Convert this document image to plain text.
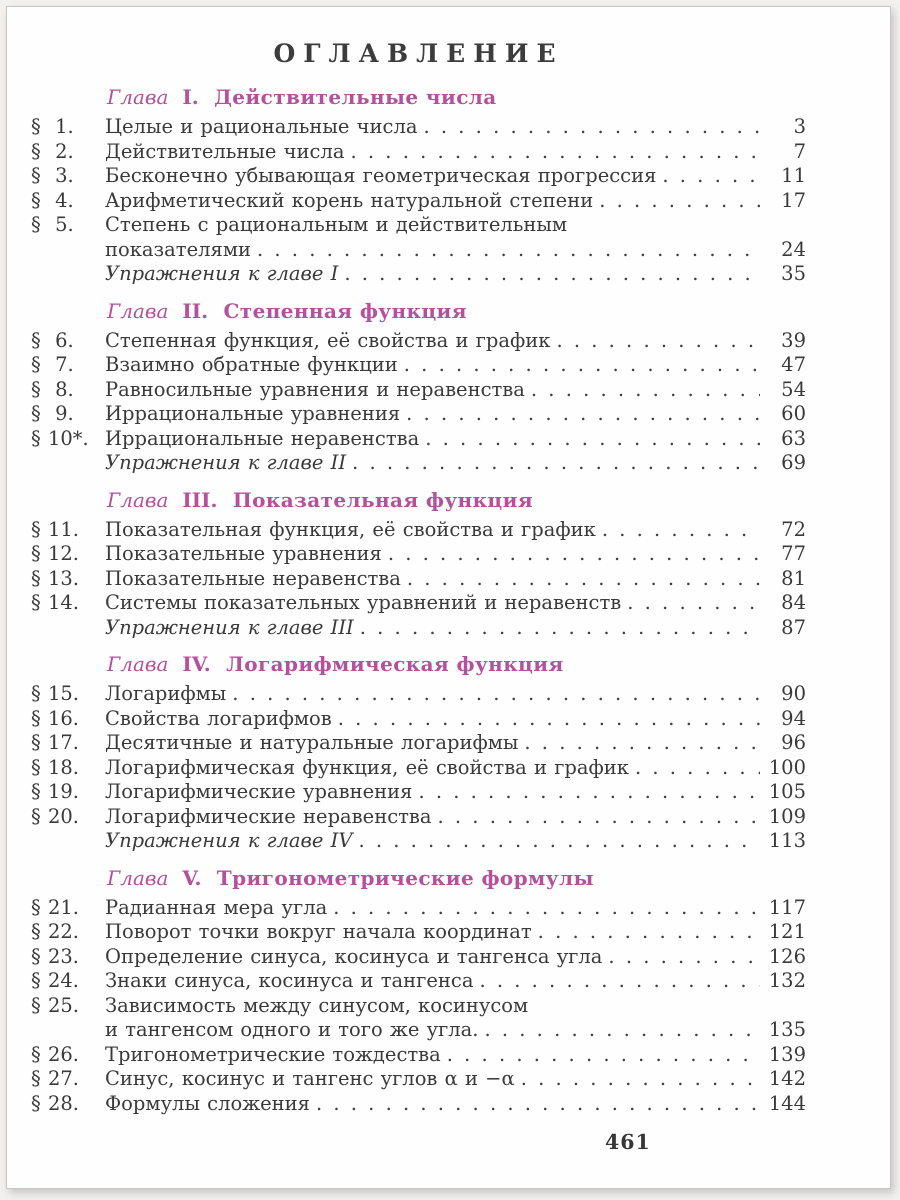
ОГЛАВЛЕНИЕ
Глава I. Действительные числа
§  1.	Целые и рациональные числа . . .	3
§  2.	Действительные числа . . .	7
§  3.	Бесконечно убывающая геометрическая прогрессия . . .	11
§  4.	Арифметический корень натуральной степени . . .	17
§  5.	Степень с рациональным и действительным
показателями . . .	24
Упражнения к главе I . . .	35
Глава II. Степенная функция
§  6.	Степенная функция, её свойства и график . . .	39
§  7.	Взаимно обратные функции . . .	47
§  8.	Равносильные уравнения и неравенства . . .	54
§  9.	Иррациональные уравнения . . .	60
§ 10*. Иррациональные неравенства . . .	63
Упражнения к главе II . . .	69
Глава III. Показательная функция
§ 11.	Показательная функция, её свойства и график . . .	72
§ 12.	Показательные уравнения . . .	77
§ 13.	Показательные неравенства . . .	81
§ 14.	Системы показательных уравнений и неравенств . . .	84
Упражнения к главе III . . .	87
Глава IV. Логарифмическая функция
§ 15.	Логарифмы . . .	90
§ 16.	Свойства логарифмов . . .	94
§ 17.	Десятичные и натуральные логарифмы . . .	96
§ 18.	Логарифмическая функция, её свойства и график . . .	100
§ 19.	Логарифмические уравнения . . .	105
§ 20.	Логарифмические неравенства . . .	109
Упражнения к главе IV . . .	113
Глава V. Тригонометрические формулы
§ 21.	Радианная мера угла . . .	117
§ 22.	Поворот точки вокруг начала координат . . .	121
§ 23.	Определение синуса, косинуса и тангенса угла . . .	126
§ 24.	Знаки синуса, косинуса и тангенса . . .	132
§ 25.	Зависимость между синусом, косинусом
и тангенсом одного и того же угла. . . .	135
§ 26.	Тригонометрические тождества . . .	139
§ 27.	Синус, косинус и тангенс углов α и −α . . .	142
§ 28.	Формулы сложения . . .	144
461
